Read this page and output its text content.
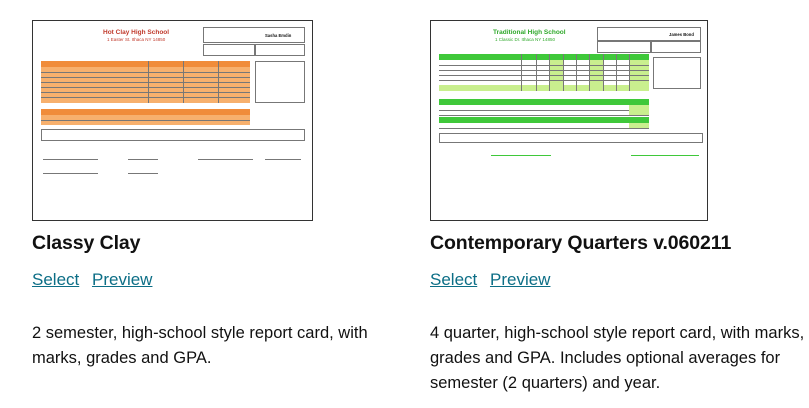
Hot Clay High School
1 Easter St. Ithaca NY 14850
Sasha Emdin
Classy Clay
Select Preview
2 semester, high-school style report card, with marks, grades and GPA.
Traditional High School
1 Classic Dr. Ithaca NY 14850
James Bond
Contemporary Quarters v.060211
Select Preview
4 quarter, high-school style report card, with marks, grades and GPA. Includes optional averages for semester (2 quarters) and year.
